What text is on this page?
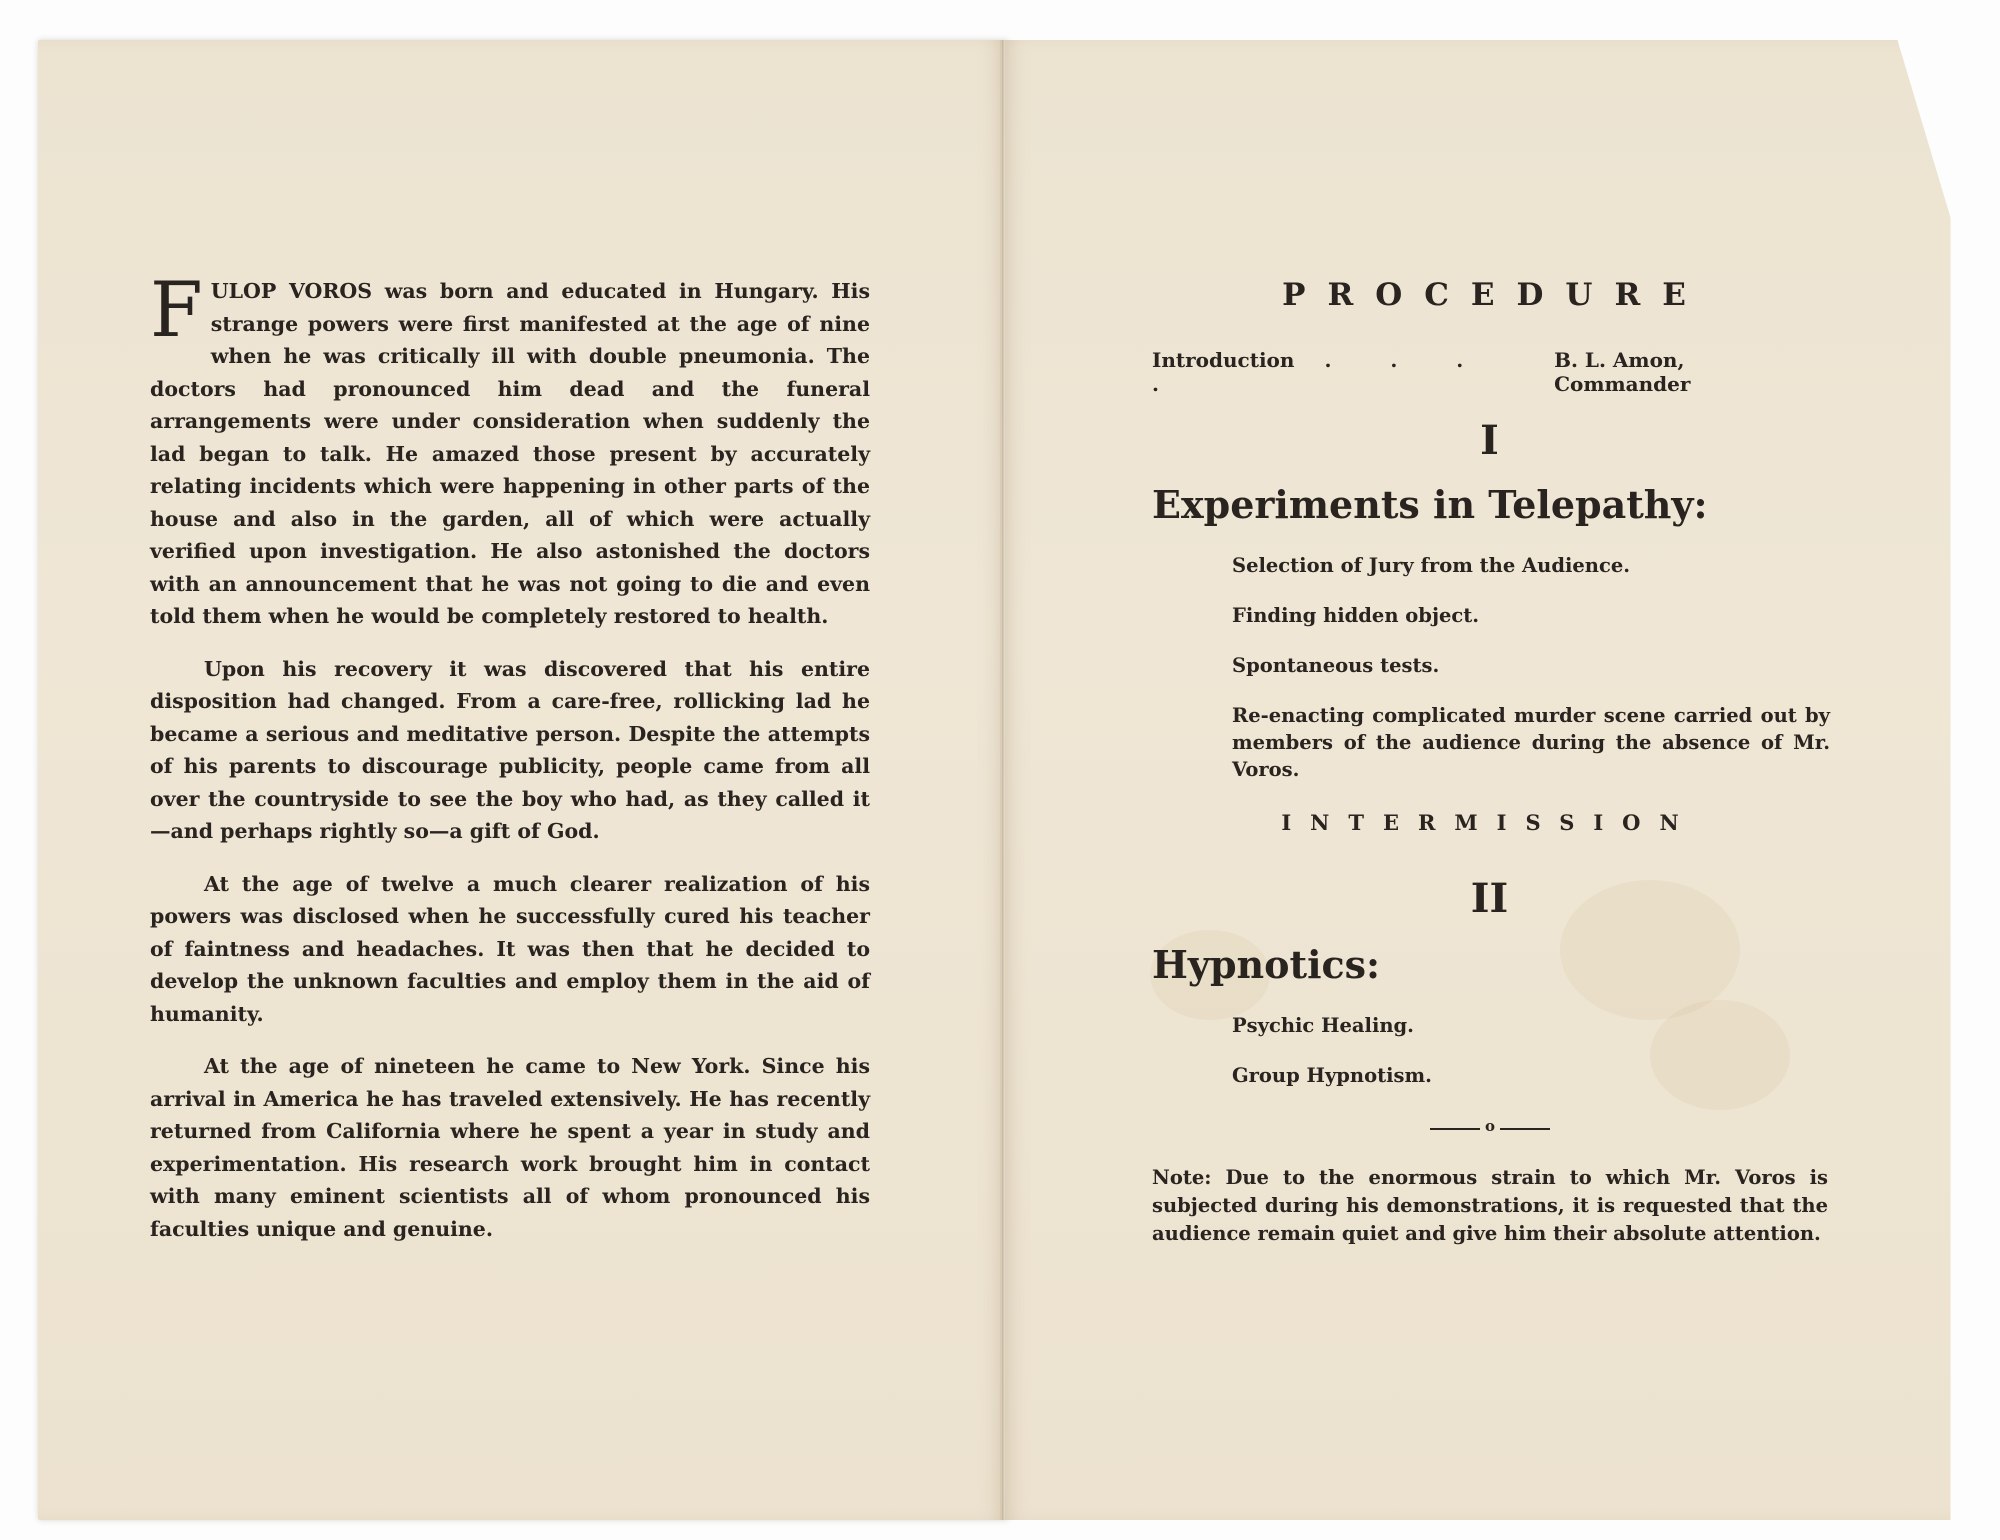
FULOP VOROS was born and educated in Hungary. His strange powers were first manifested at the age of nine when he was critically ill with double pneumonia. The doctors had pronounced him dead and the funeral arrangements were under consideration when suddenly the lad began to talk. He amazed those present by accurately relating incidents which were happening in other parts of the house and also in the garden, all of which were actually verified upon investigation. He also astonished the doctors with an announcement that he was not going to die and even told them when he would be completely restored to health.

Upon his recovery it was discovered that his entire disposition had changed. From a care-free, rollicking lad he became a serious and meditative person. Despite the attempts of his parents to discourage publicity, people came from all over the countryside to see the boy who had, as they called it—and perhaps rightly so—a gift of God.

At the age of twelve a much clearer realization of his powers was disclosed when he successfully cured his teacher of faintness and headaches. It was then that he decided to develop the unknown faculties and employ them in the aid of humanity.

At the age of nineteen he came to New York. Since his arrival in America he has traveled extensively. He has recently returned from California where he spent a year in study and experimentation. His research work brought him in contact with many eminent scientists all of whom pronounced his faculties unique and genuine.

PROCEDURE
Introduction . . . .
B. L. Amon, Commander
I
Experiments in Telepathy:
Selection of Jury from the Audience.
Finding hidden object.
Spontaneous tests.
Re-enacting complicated murder scene carried out by members of the audience during the absence of Mr. Voros.
INTERMISSION
II
Hypnotics:
Psychic Healing.
Group Hypnotism.
o
Note: Due to the enormous strain to which Mr. Voros is subjected during his demonstrations, it is requested that the audience remain quiet and give him their absolute attention.
